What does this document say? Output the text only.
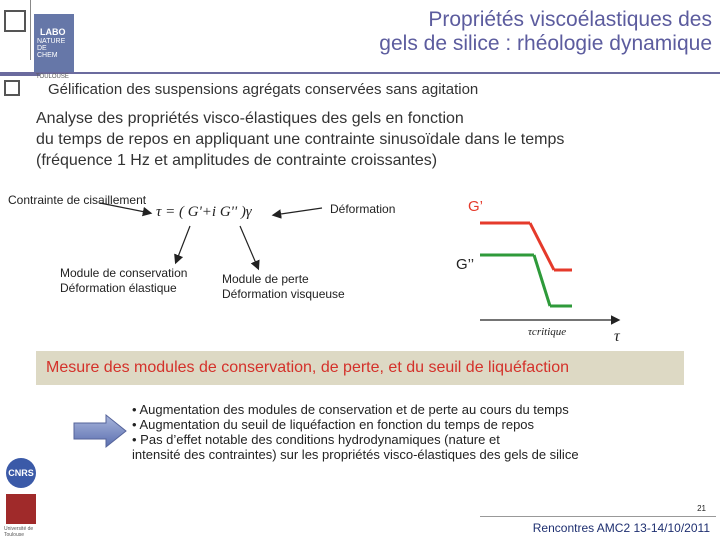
LABO
NATURE
DE
CHEM
TOULOUSE
Propriétés viscoélastiques des
gels de silice : rhéologie dynamique
Gélification des suspensions agrégats conservées sans agitation
Analyse des propriétés visco-élastiques des gels en fonction
du temps de repos en appliquant une contrainte sinusoïdale dans le temps
(fréquence 1 Hz et amplitudes de contrainte croissantes)
Contrainte de cisaillement
τ = ( G'+i G'' )γ	Déformation
Module de conservation
Déformation élastique
Module de perte
Déformation visqueuse
G’
G’’
τcritique	τ
Mesure des modules de conservation, de perte, et du seuil de liquéfaction
• Augmentation des modules de conservation et de perte au cours du temps
• Augmentation du seuil de liquéfaction en fonction du temps de repos
• Pas d’effet notable des conditions hydrodynamiques (nature et
intensité des contraintes) sur les propriétés visco-élastiques des gels de silice
CNRS
Université de Toulouse
21
Rencontres AMC2 13-14/10/2011
